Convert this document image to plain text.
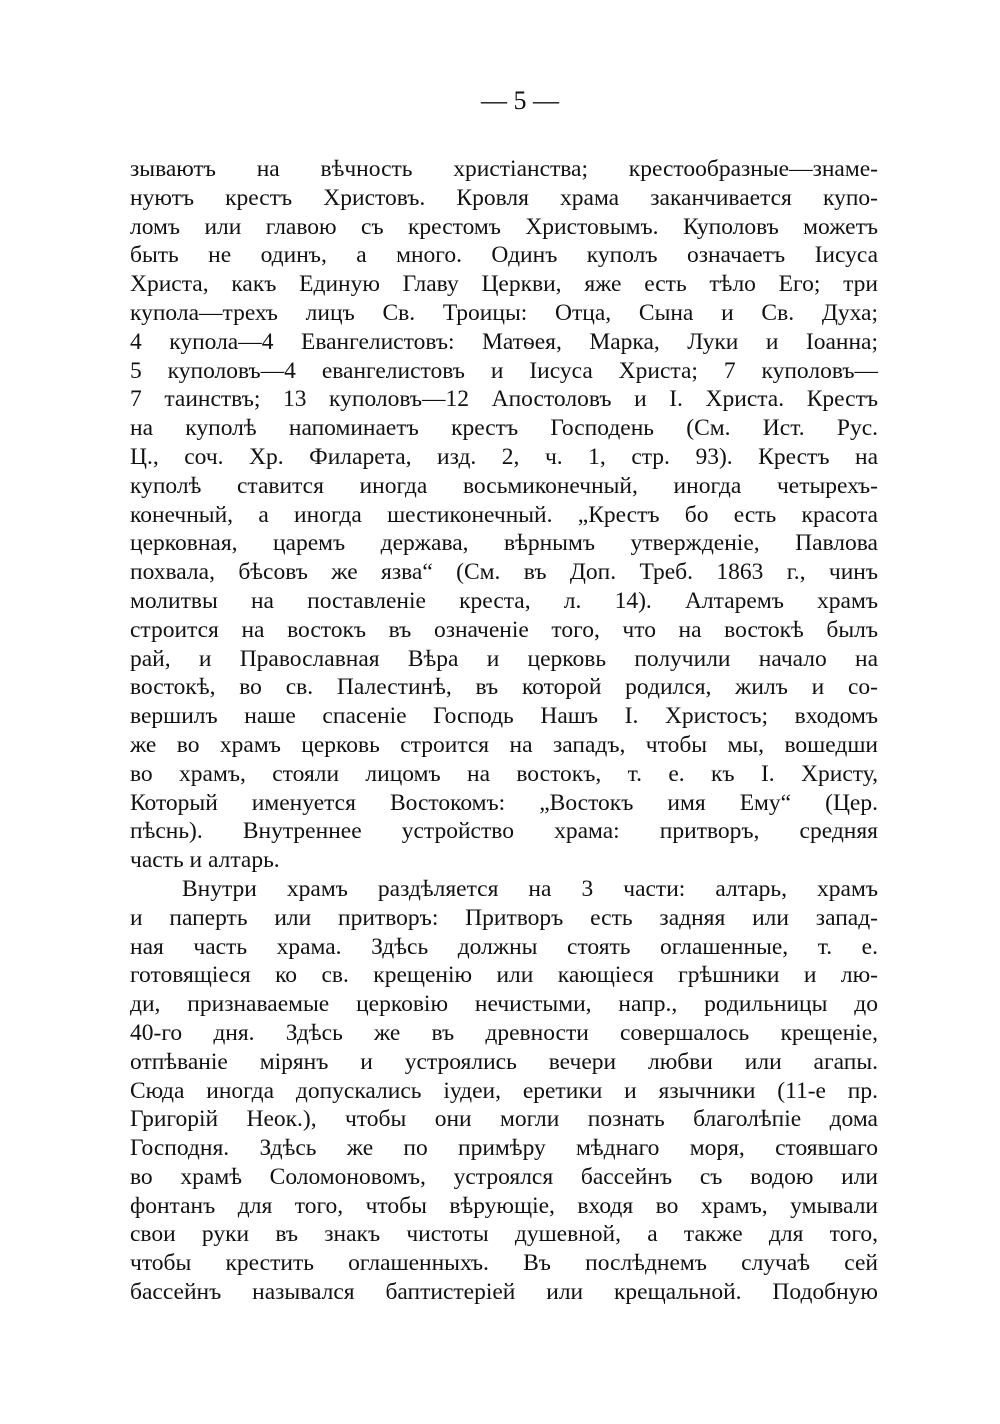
— 5 —
зываютъ на вѣчность христіанства; крестообразные—знаме-
нуютъ крестъ Христовъ. Кровля храма заканчивается купо-
ломъ или главою съ крестомъ Христовымъ. Куполовъ можетъ
быть не одинъ, а много. Одинъ куполъ означаетъ Іисуса
Христа, какъ Единую Главу Церкви, яже есть тѣло Его; три
купола—трехъ лицъ Св. Троицы: Отца, Сына и Св. Духа;
4 купола—4 Евангелистовъ: Матѳея, Марка, Луки и Іоанна;
5 куполовъ—4 евангелистовъ и Іисуса Христа; 7 куполовъ—
7 таинствъ; 13 куполовъ—12 Апостоловъ и І. Христа. Крестъ
на куполѣ напоминаетъ крестъ Господень (См. Ист. Рус.
Ц., соч. Хр. Филарета, изд. 2, ч. 1, стр. 93). Крестъ на
куполѣ ставится иногда восьмиконечный, иногда четырехъ-
конечный, а иногда шестиконечный. „Крестъ бо есть красота
церковная, царемъ держава, вѣрнымъ утвержденіе, Павлова
похвала, бѣсовъ же язва“ (См. въ Доп. Треб. 1863 г., чинъ
молитвы на поставленіе креста, л. 14). Алтаремъ храмъ
строится на востокъ въ означеніе того, что на востокѣ былъ
рай, и Православная Вѣра и церковь получили начало на
востокѣ, во св. Палестинѣ, въ которой родился, жилъ и со-
вершилъ наше спасеніе Господь Нашъ І. Христосъ; входомъ
же во храмъ церковь строится на западъ, чтобы мы, вошедши
во храмъ, стояли лицомъ на востокъ, т. е. къ І. Христу,
Который именуется Востокомъ: „Востокъ имя Ему“ (Цер.
пѣснь). Внутреннее устройство храма: притворъ, средняя
часть и алтарь.
Внутри храмъ раздѣляется на 3 части: алтарь, храмъ
и паперть или притворъ: Притворъ есть задняя или запад-
ная часть храма. Здѣсь должны стоять оглашенные, т. е.
готовящіеся ко св. крещенію или кающіеся грѣшники и лю-
ди, признаваемые церковію нечистыми, напр., родильницы до
40-го дня. Здѣсь же въ древности совершалось крещеніе,
отпѣваніе мірянъ и устроялись вечери любви или агапы.
Сюда иногда допускались іудеи, еретики и язычники (11-е пр.
Григорій Неок.), чтобы они могли познать благолѣпіе дома
Господня. Здѣсь же по примѣру мѣднаго моря, стоявшаго
во храмѣ Соломоновомъ, устроялся бассейнъ съ водою или
фонтанъ для того, чтобы вѣрующіе, входя во храмъ, умывали
свои руки въ знакъ чистоты душевной, а также для того,
чтобы крестить оглашенныхъ. Въ послѣднемъ случаѣ сей
бассейнъ назывался баптистеріей или крещальной. Подобную
